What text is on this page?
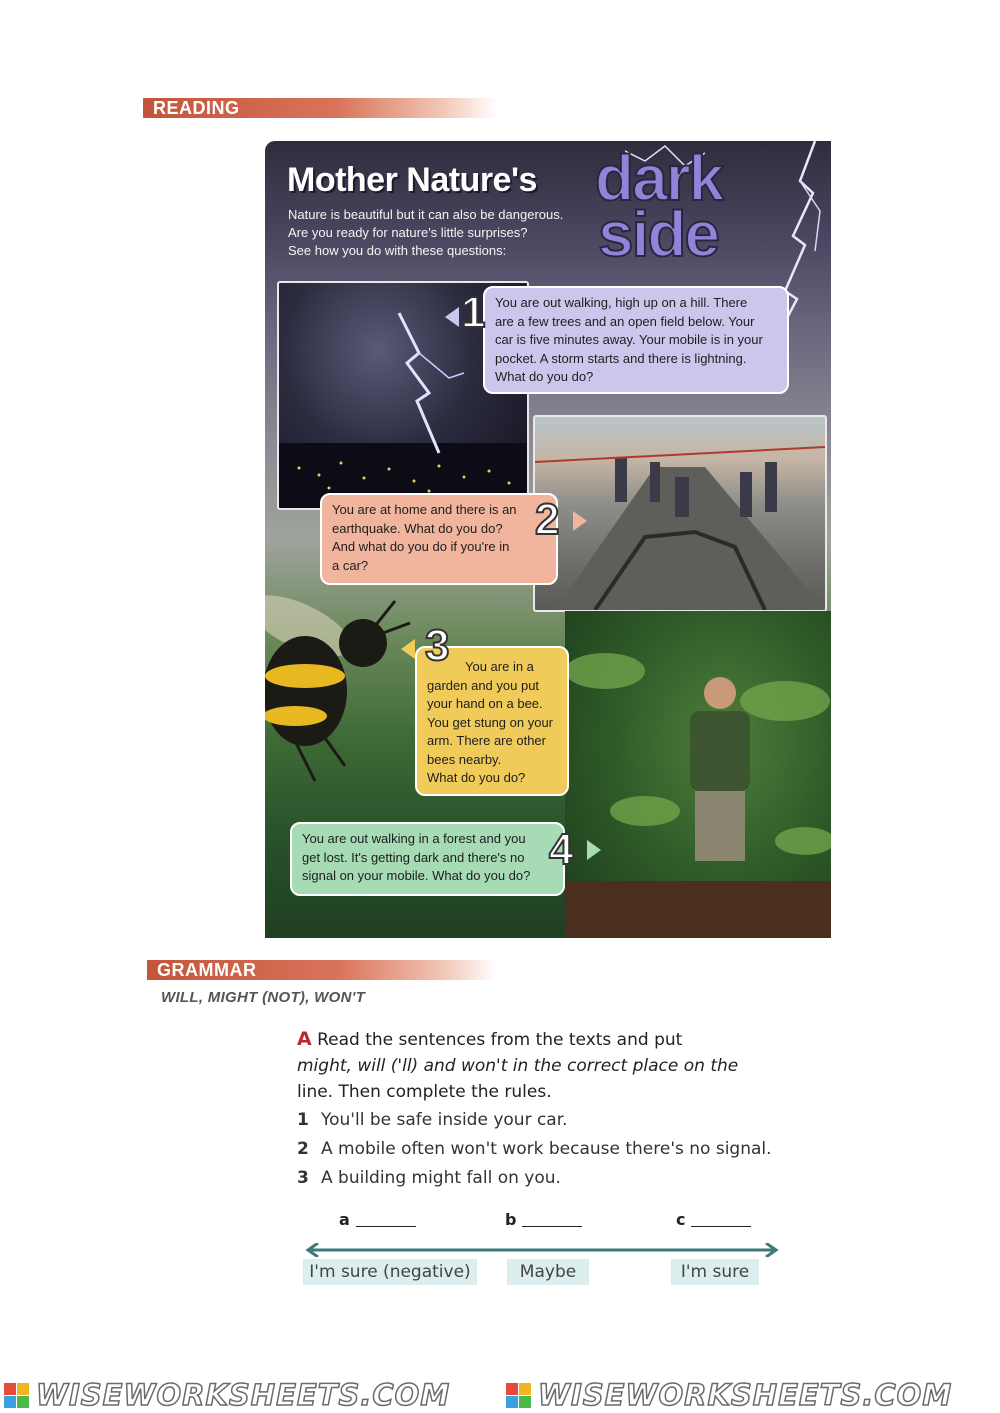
READING
Mother Nature's dark
side
Nature is beautiful but it can also be dangerous.
Are you ready for nature's little surprises?
See how you do with these questions:
You are out walking, high up on a hill. There
are a few trees and an open field below. Your
car is five minutes away. Your mobile is in your
pocket. A storm starts and there is lightning.
What do you do?
1
You are at home and there is an
earthquake. What do you do?
And what do you do if you're in
a car?
2
You are in a
garden and you put
your hand on a bee.
You get stung on your
arm. There are other
bees nearby.
What do you do?
3
You are out walking in a forest and you
get lost. It's getting dark and there's no
signal on your mobile. What do you do?
4
GRAMMAR
WILL, MIGHT (NOT), WON'T
A Read the sentences from the texts and put
might, will ('ll) and won't in the correct place on the
line. Then complete the rules.
1 You'll be safe inside your car.
2 A mobile often won't work because there's no signal.
3 A building might fall on you.
a	b	c
I'm sure (negative)	Maybe	I'm sure
WISEWORKSHEETS.COM	WISEWORKSHEETS.COM
